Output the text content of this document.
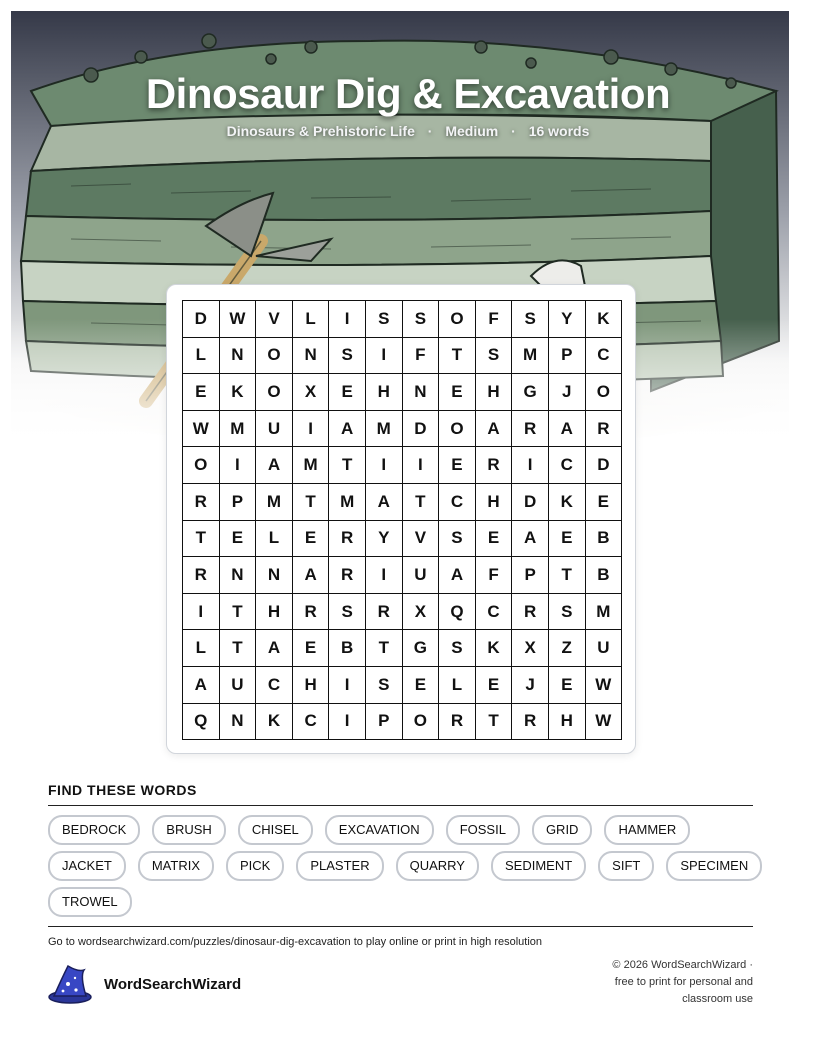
Dinosaur Dig & Excavation
Dinosaurs & Prehistoric Life · Medium · 16 words
D	W	V	L	I	S	S	O	F	S	Y	K
L	N	O	N	S	I	F	T	S	M	P	C
E	K	O	X	E	H	N	E	H	G	J	O
W	M	U	I	A	M	D	O	A	R	A	R
O	I	A	M	T	I	I	E	R	I	C	D
R	P	M	T	M	A	T	C	H	D	K	E
T	E	L	E	R	Y	V	S	E	A	E	B
R	N	N	A	R	I	U	A	F	P	T	B
I	T	H	R	S	R	X	Q	C	R	S	M
L	T	A	E	B	T	G	S	K	X	Z	U
A	U	C	H	I	S	E	L	E	J	E	W
Q	N	K	C	I	P	O	R	T	R	H	W
FIND THESE WORDS
BEDROCK	BRUSH	CHISEL	EXCAVATION	FOSSIL	GRID	HAMMER
JACKET	MATRIX	PICK	PLASTER	QUARRY	SEDIMENT	SIFT	SPECIMEN
TROWEL
Go to wordsearchwizard.com/puzzles/dinosaur-dig-excavation to play online or print in high resolution
WordSearchWizard
© 2026 WordSearchWizard ·
free to print for personal and
classroom use
